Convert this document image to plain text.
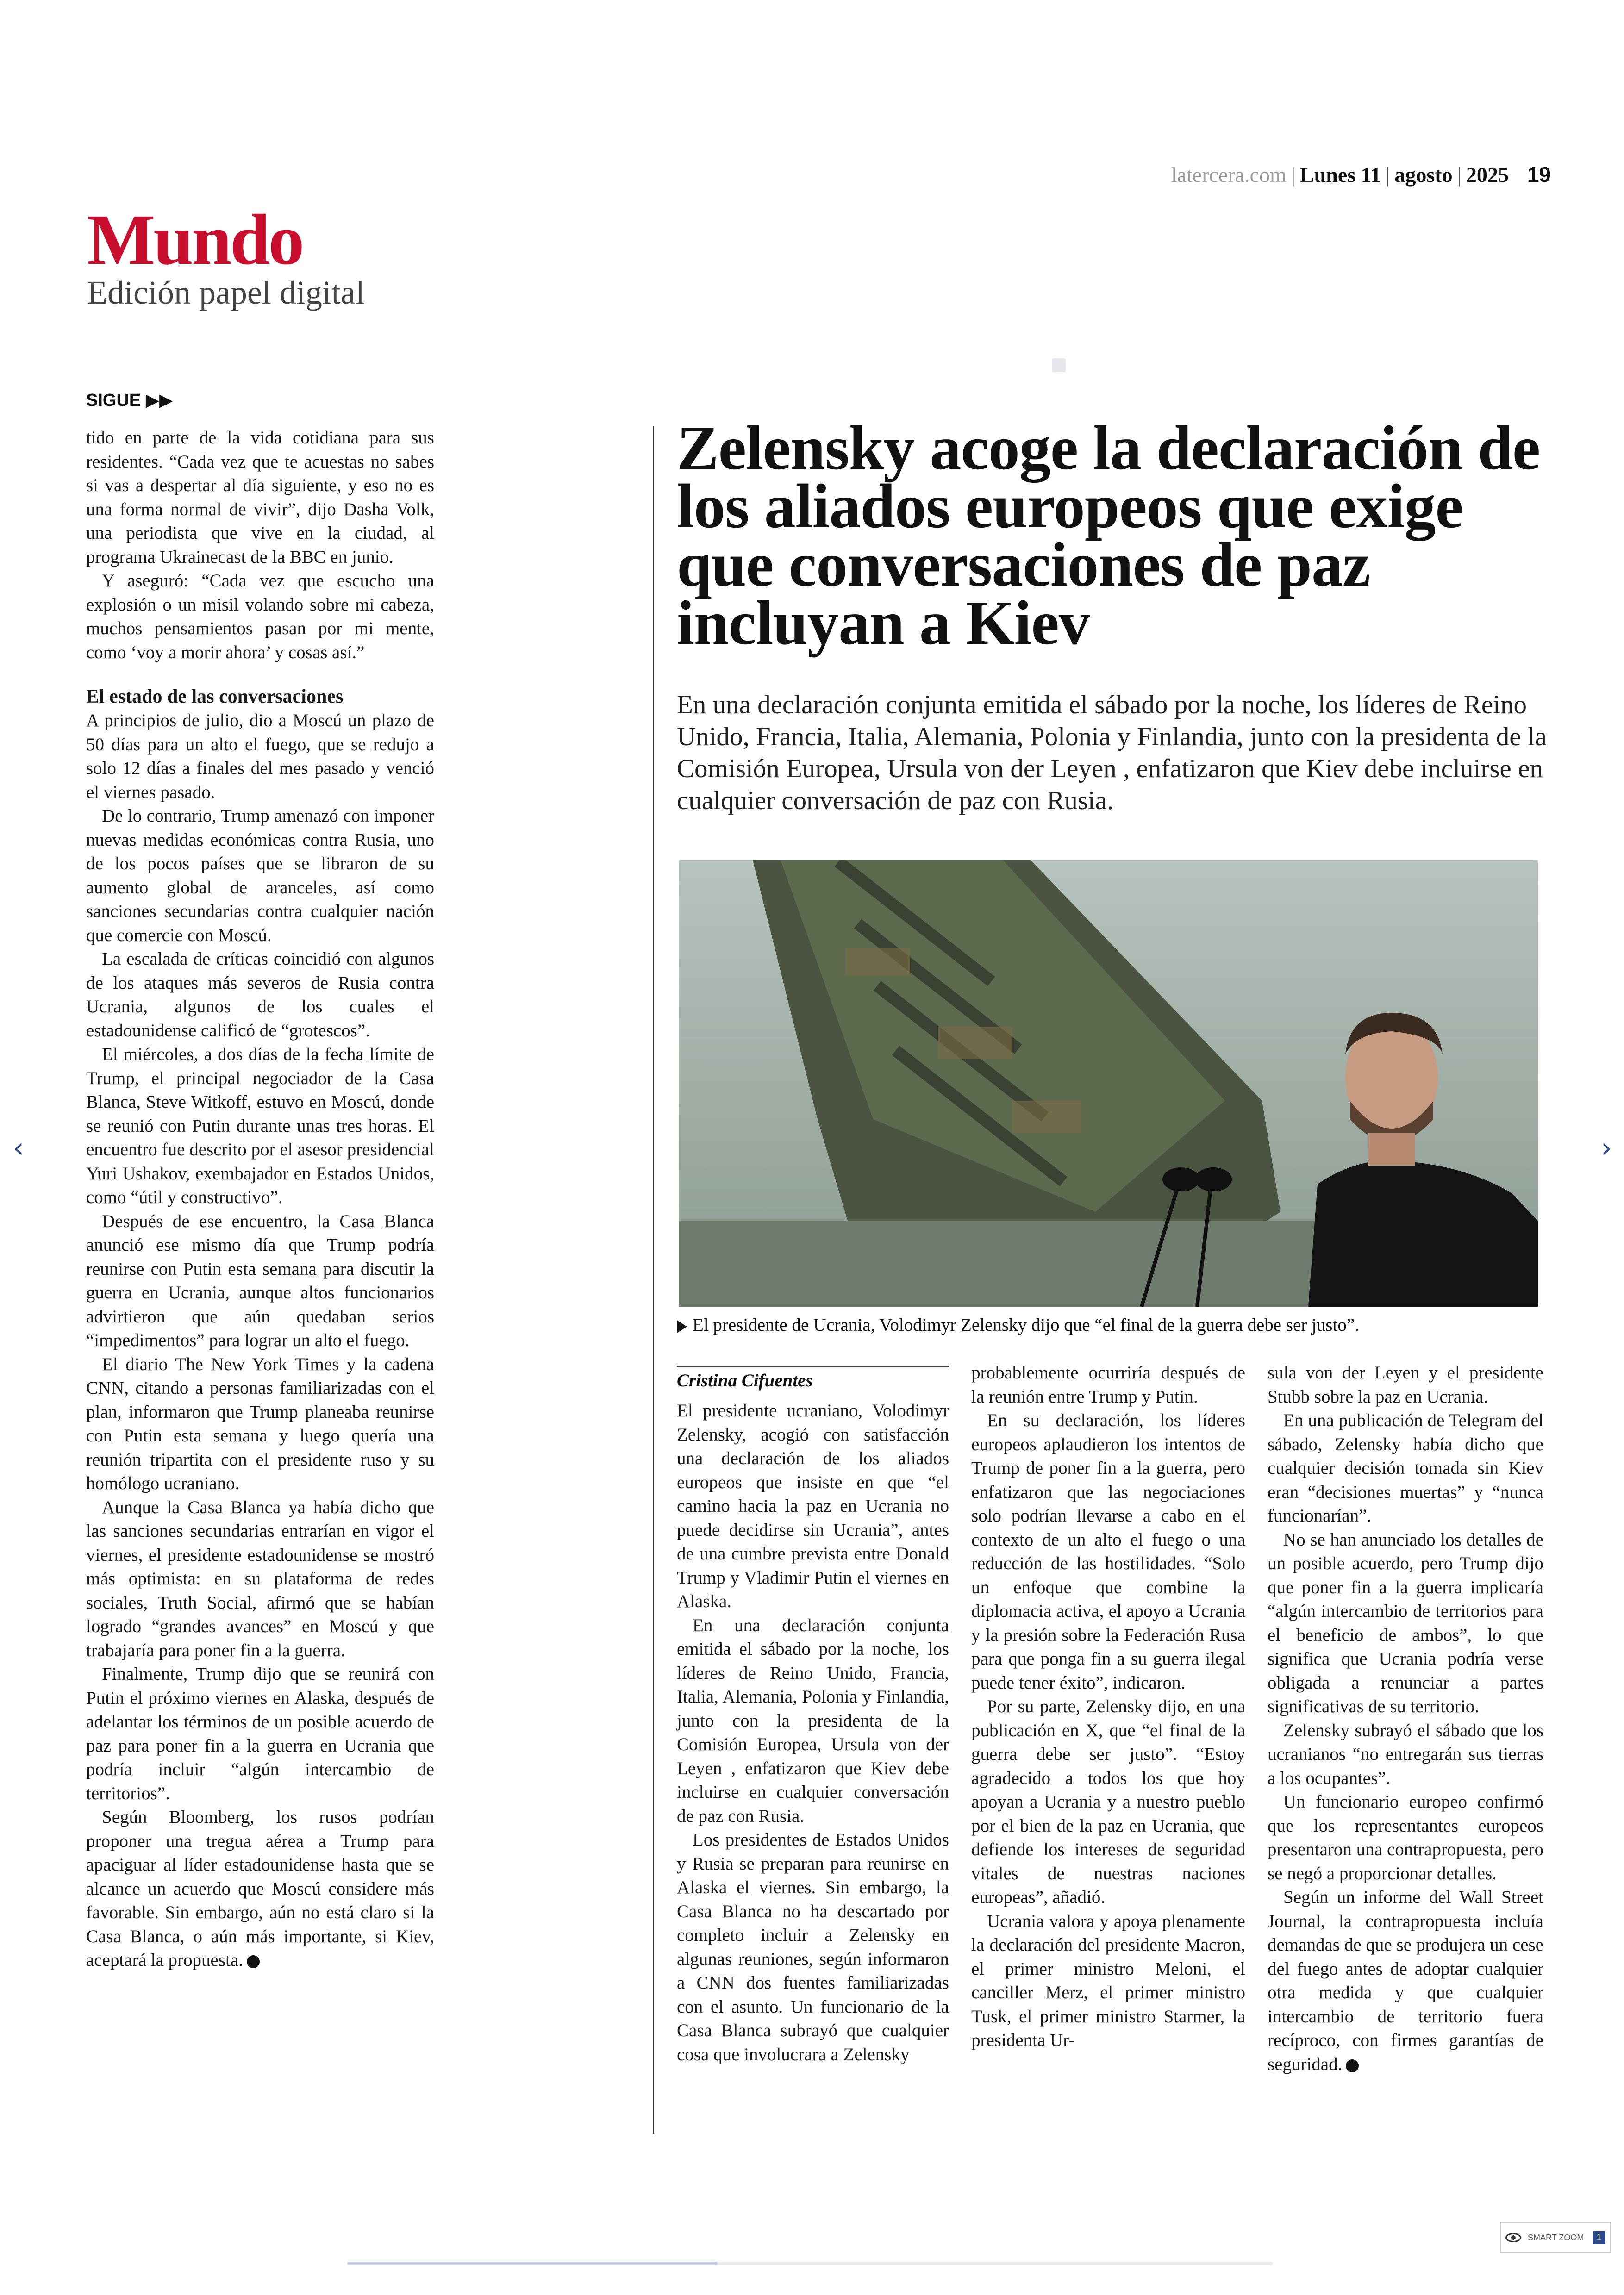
latercera.com | Lunes 11 | agosto | 2025 19
Mundo
Edición papel digital
SIGUE ▶▶

tido en parte de la vida cotidiana para sus residentes. “Cada vez que te acuestas no sabes si vas a despertar al día siguiente, y eso no es una forma normal de vivir”, dijo Dasha Volk, una periodista que vive en la ciudad, al programa Ukrainecast de la BBC en junio.

Y aseguró: “Cada vez que escucho una explosión o un misil volando sobre mi cabeza, muchos pensamientos pasan por mi mente, como ‘voy a morir ahora’ y cosas así.”

El estado de las conversaciones

A principios de julio, dio a Moscú un plazo de 50 días para un alto el fuego, que se redujo a solo 12 días a finales del mes pasado y venció el viernes pasado.

De lo contrario, Trump amenazó con imponer nuevas medidas económicas contra Rusia, uno de los pocos países que se libraron de su aumento global de aranceles, así como sanciones secundarias contra cualquier nación que comercie con Moscú.

La escalada de críticas coincidió con algunos de los ataques más severos de Rusia contra Ucrania, algunos de los cuales el estadounidense calificó de “grotescos”.

El miércoles, a dos días de la fecha límite de Trump, el principal negociador de la Casa Blanca, Steve Witkoff, estuvo en Moscú, donde se reunió con Putin durante unas tres horas. El encuentro fue descrito por el asesor presidencial Yuri Ushakov, exembajador en Estados Unidos, como “útil y constructivo”.

Después de ese encuentro, la Casa Blanca anunció ese mismo día que Trump podría reunirse con Putin esta semana para discutir la guerra en Ucrania, aunque altos funcionarios advirtieron que aún quedaban serios “impedimentos” para lograr un alto el fuego.

El diario The New York Times y la cadena CNN, citando a personas familiarizadas con el plan, informaron que Trump planeaba reunirse con Putin esta semana y luego quería una reunión tripartita con el presidente ruso y su homólogo ucraniano.

Aunque la Casa Blanca ya había dicho que las sanciones secundarias entrarían en vigor el viernes, el presidente estadounidense se mostró más optimista: en su plataforma de redes sociales, Truth Social, afirmó que se habían logrado “grandes avances” en Moscú y que trabajaría para poner fin a la guerra.

Finalmente, Trump dijo que se reunirá con Putin el próximo viernes en Alaska, después de adelantar los términos de un posible acuerdo de paz para poner fin a la guerra en Ucrania que podría incluir “algún intercambio de territorios”.

Según Bloomberg, los rusos podrían proponer una tregua aérea a Trump para apaciguar al líder estadounidense hasta que se alcance un acuerdo que Moscú considere más favorable. Sin embargo, aún no está claro si la Casa Blanca, o aún más importante, si Kiev, aceptará la propuesta.

Zelensky acoge la declaración de los aliados europeos que exige que conversaciones de paz incluyan a Kiev

En una declaración conjunta emitida el sábado por la noche, los líderes de Reino Unido, Francia, Italia, Alemania, Polonia y Finlandia, junto con la presidenta de la Comisión Europea, Ursula von der Leyen , enfatizaron que Kiev debe incluirse en cualquier conversación de paz con Rusia.

El presidente de Ucrania, Volodimyr Zelensky dijo que “el final de la guerra debe ser justo”.

Cristina Cifuentes

El presidente ucraniano, Volodimyr Zelensky, acogió con satisfacción una declaración de los aliados europeos que insiste en que “el camino hacia la paz en Ucrania no puede decidirse sin Ucrania”, antes de una cumbre prevista entre Donald Trump y Vladimir Putin el viernes en Alaska.

En una declaración conjunta emitida el sábado por la noche, los líderes de Reino Unido, Francia, Italia, Alemania, Polonia y Finlandia, junto con la presidenta de la Comisión Europea, Ursula von der Leyen , enfatizaron que Kiev debe incluirse en cualquier conversación de paz con Rusia.

Los presidentes de Estados Unidos y Rusia se preparan para reunirse en Alaska el viernes. Sin embargo, la Casa Blanca no ha descartado por completo incluir a Zelensky en algunas reuniones, según informaron a CNN dos fuentes familiarizadas con el asunto. Un funcionario de la Casa Blanca subrayó que cualquier cosa que involucrara a Zelensky

probablemente ocurriría después de la reunión entre Trump y Putin.

En su declaración, los líderes europeos aplaudieron los intentos de Trump de poner fin a la guerra, pero enfatizaron que las negociaciones solo podrían llevarse a cabo en el contexto de un alto el fuego o una reducción de las hostilidades. “Solo un enfoque que combine la diplomacia activa, el apoyo a Ucrania y la presión sobre la Federación Rusa para que ponga fin a su guerra ilegal puede tener éxito”, indicaron.

Por su parte, Zelensky dijo, en una publicación en X, que “el final de la guerra debe ser justo”. “Estoy agradecido a todos los que hoy apoyan a Ucrania y a nuestro pueblo por el bien de la paz en Ucrania, que defiende los intereses de seguridad vitales de nuestras naciones europeas”, añadió.

Ucrania valora y apoya plenamente la declaración del presidente Macron, el primer ministro Meloni, el canciller Merz, el primer ministro Tusk, el primer ministro Starmer, la presidenta Ur-

sula von der Leyen y el presidente Stubb sobre la paz en Ucrania.

En una publicación de Telegram del sábado, Zelensky había dicho que cualquier decisión tomada sin Kiev eran “decisiones muertas” y “nunca funcionarían”.

No se han anunciado los detalles de un posible acuerdo, pero Trump dijo que poner fin a la guerra implicaría “algún intercambio de territorios para el beneficio de ambos”, lo que significa que Ucrania podría verse obligada a renunciar a partes significativas de su territorio.

Zelensky subrayó el sábado que los ucranianos “no entregarán sus tierras a los ocupantes”.

Un funcionario europeo confirmó que los representantes europeos presentaron una contrapropuesta, pero se negó a proporcionar detalles.

Según un informe del Wall Street Journal, la contrapropuesta incluía demandas de que se produjera un cese del fuego antes de adoptar cualquier otra medida y que cualquier intercambio de territorio fuera recíproco, con firmes garantías de seguridad.

‹	›
SMART ZOOM	1
